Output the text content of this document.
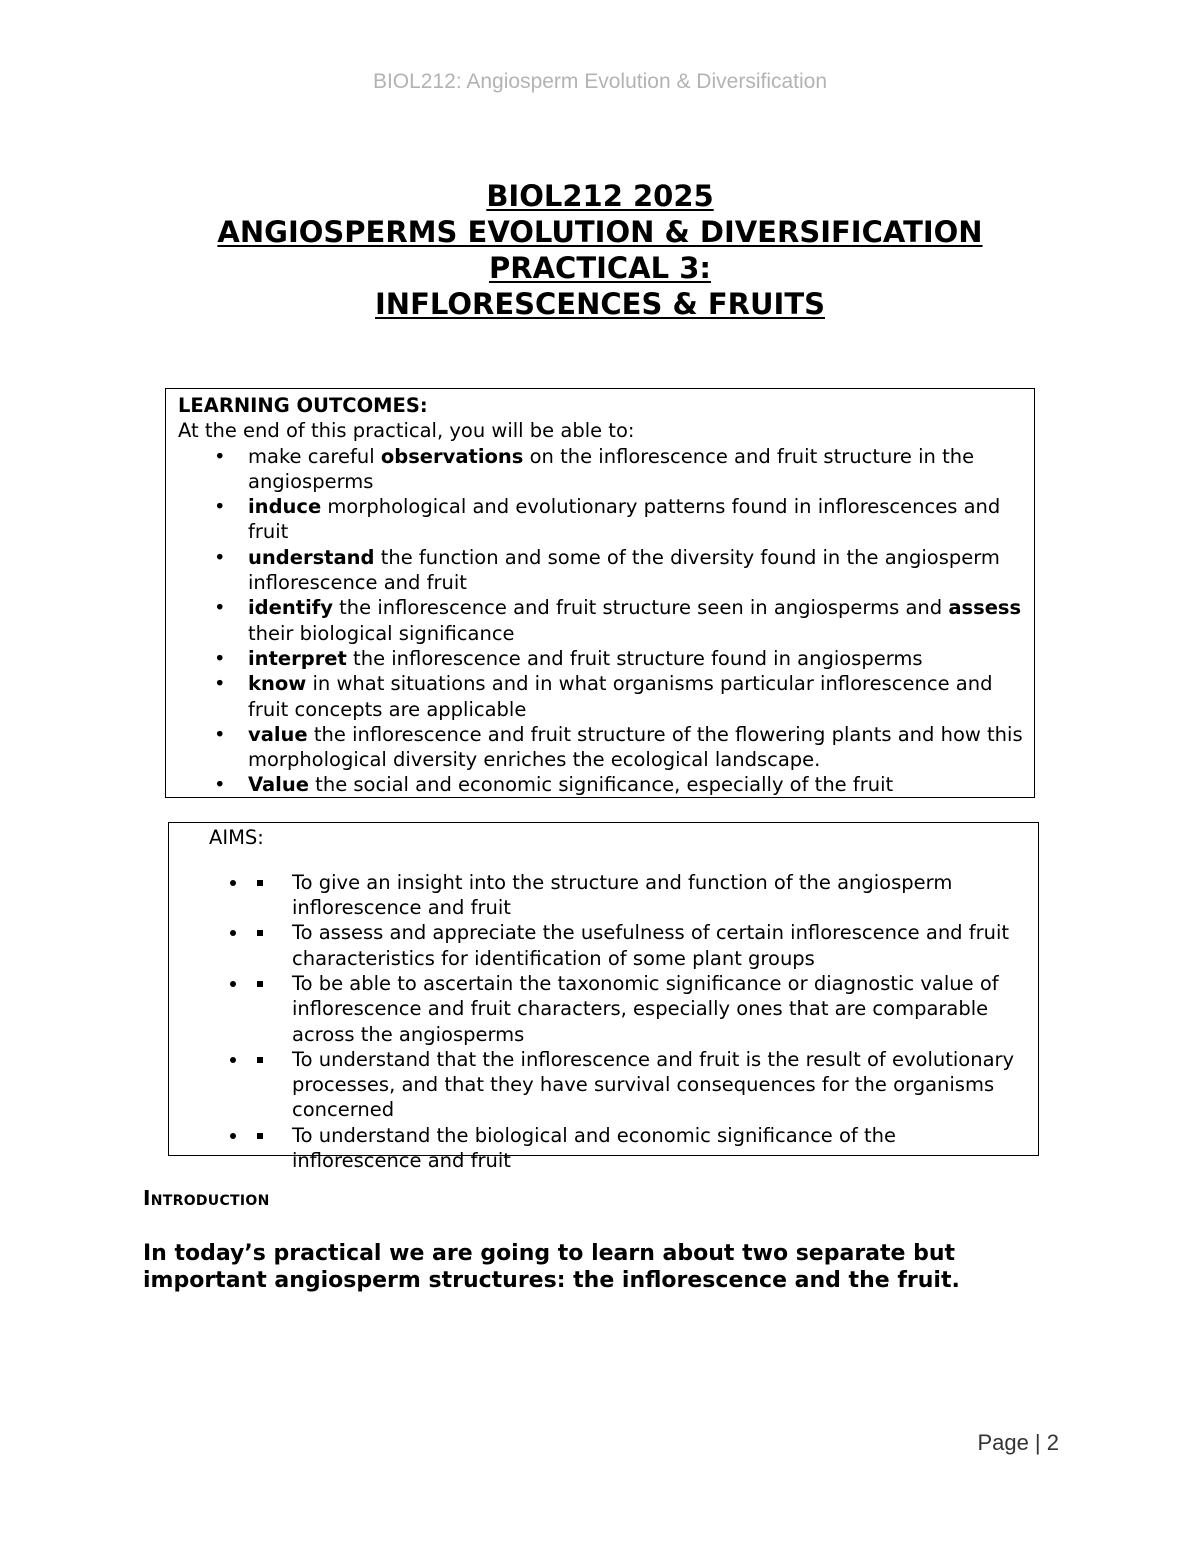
BIOL212: Angiosperm Evolution & Diversification
BIOL212 2025
ANGIOSPERMS EVOLUTION & DIVERSIFICATION
PRACTICAL 3:
INFLORESCENCES & FRUITS
LEARNING OUTCOMES:
At the end of this practical, you will be able to:
• make careful observations on the inflorescence and fruit structure in the angiosperms
• induce morphological and evolutionary patterns found in inflorescences and fruit
• understand the function and some of the diversity found in the angiosperm inflorescence and fruit
• identify the inflorescence and fruit structure seen in angiosperms and assess their biological significance
• interpret the inflorescence and fruit structure found in angiosperms
• know in what situations and in what organisms particular inflorescence and fruit concepts are applicable
• value the inflorescence and fruit structure of the flowering plants and how this morphological diversity enriches the ecological landscape.
• Value the social and economic significance, especially of the fruit
AIMS:
• To give an insight into the structure and function of the angiosperm inflorescence and fruit
• To assess and appreciate the usefulness of certain inflorescence and fruit characteristics for identification of some plant groups
• To be able to ascertain the taxonomic significance or diagnostic value of inflorescence and fruit characters, especially ones that are comparable across the angiosperms
• To understand that the inflorescence and fruit is the result of evolutionary processes, and that they have survival consequences for the organisms concerned
• To understand the biological and economic significance of the inflorescence and fruit
Introduction
In today’s practical we are going to learn about two separate but important angiosperm structures: the inflorescence and the fruit.
Page | 2
